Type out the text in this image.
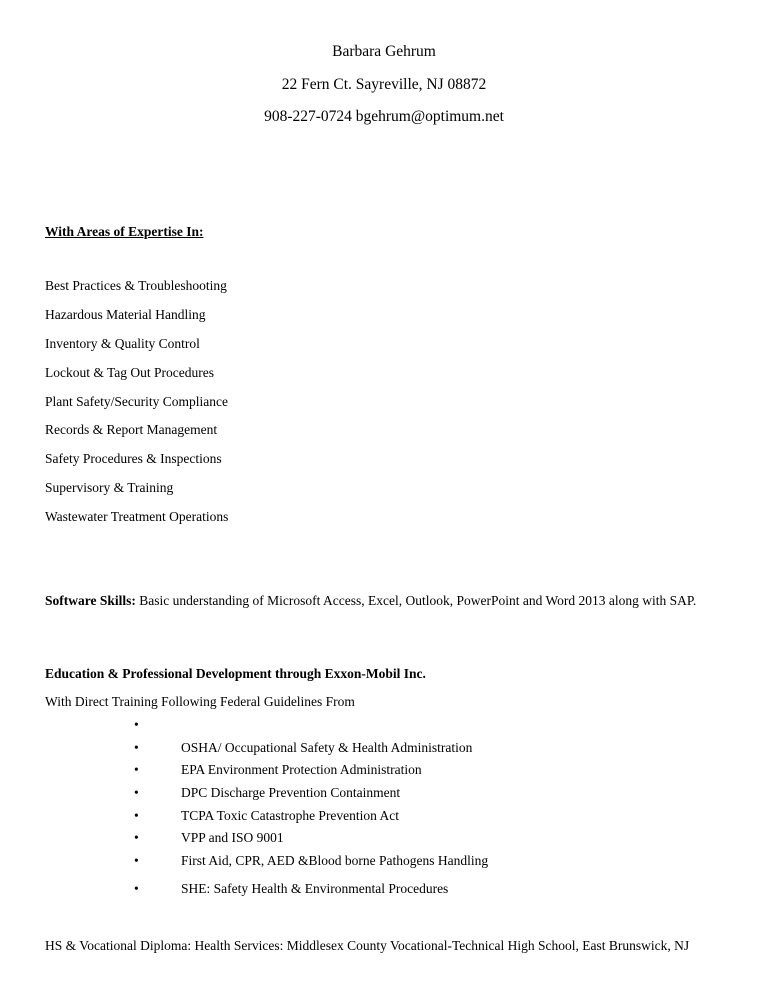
Barbara Gehrum
22 Fern Ct. Sayreville, NJ 08872
908-227-0724 bgehrum@optimum.net
With Areas of Expertise In:
Best Practices & Troubleshooting
Hazardous Material Handling
Inventory & Quality Control
Lockout & Tag Out Procedures
Plant Safety/Security Compliance
Records & Report Management
Safety Procedures & Inspections
Supervisory & Training
Wastewater Treatment Operations
Software Skills: Basic understanding of Microsoft Access, Excel, Outlook, PowerPoint and Word 2013 along with SAP.
Education & Professional Development through Exxon-Mobil Inc.
With Direct Training Following Federal Guidelines From
•
•	OSHA/ Occupational Safety & Health Administration
•	EPA Environment Protection Administration
•	DPC Discharge Prevention Containment
•	TCPA Toxic Catastrophe Prevention Act
•	VPP and ISO 9001
•	First Aid, CPR, AED &Blood borne Pathogens Handling
•	SHE: Safety Health & Environmental Procedures
HS & Vocational Diploma: Health Services: Middlesex County Vocational-Technical High School, East Brunswick, NJ
